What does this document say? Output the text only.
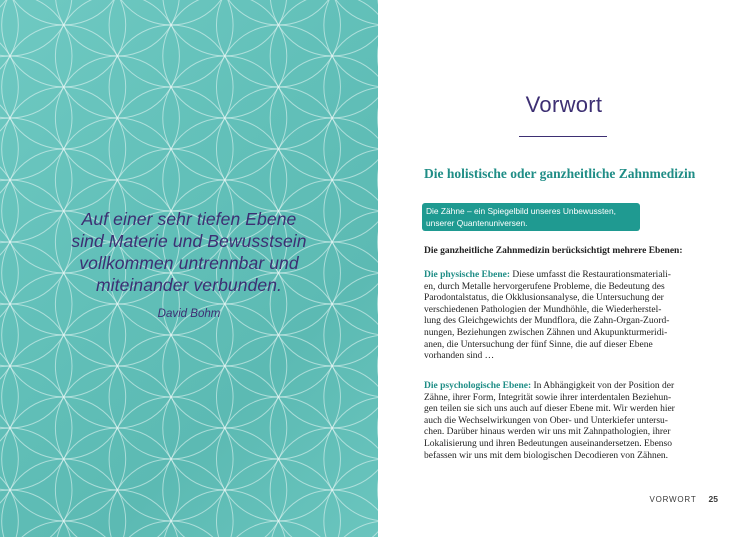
Auf einer sehr tiefen Ebene
sind Materie und Bewusstsein
vollkommen untrennbar und
miteinander verbunden.
David Bohm
Vorwort
Die holistische oder ganzheitliche Zahnmedizin
Die Zähne – ein Spiegelbild unseres Unbewussten,
unserer Quantenuniversen.
Die ganzheitliche Zahnmedizin berücksichtigt mehrere Ebenen:
Die physische Ebene: Diese umfasst die Restaurationsmateriali-
en, durch Metalle hervorgerufene Probleme, die Bedeutung des
Parodontalstatus, die Okklusionsanalyse, die Untersuchung der
verschiedenen Pathologien der Mundhöhle, die Wiederherstel-
lung des Gleichgewichts der Mundflora, die Zahn-Organ-Zuord-
nungen, Beziehungen zwischen Zähnen und Akupunkturmeridi-
anen, die Untersuchung der fünf Sinne, die auf dieser Ebene
vorhanden sind …
Die psychologische Ebene: In Abhängigkeit von der Position der
Zähne, ihrer Form, Integrität sowie ihrer interdentalen Beziehun-
gen teilen sie sich uns auch auf dieser Ebene mit. Wir werden hier
auch die Wechselwirkungen von Ober- und Unterkiefer untersu-
chen. Darüber hinaus werden wir uns mit Zahnpathologien, ihrer
Lokalisierung und ihren Bedeutungen auseinandersetzen. Ebenso
befassen wir uns mit dem biologischen Decodieren von Zähnen.
VORWORT 25
